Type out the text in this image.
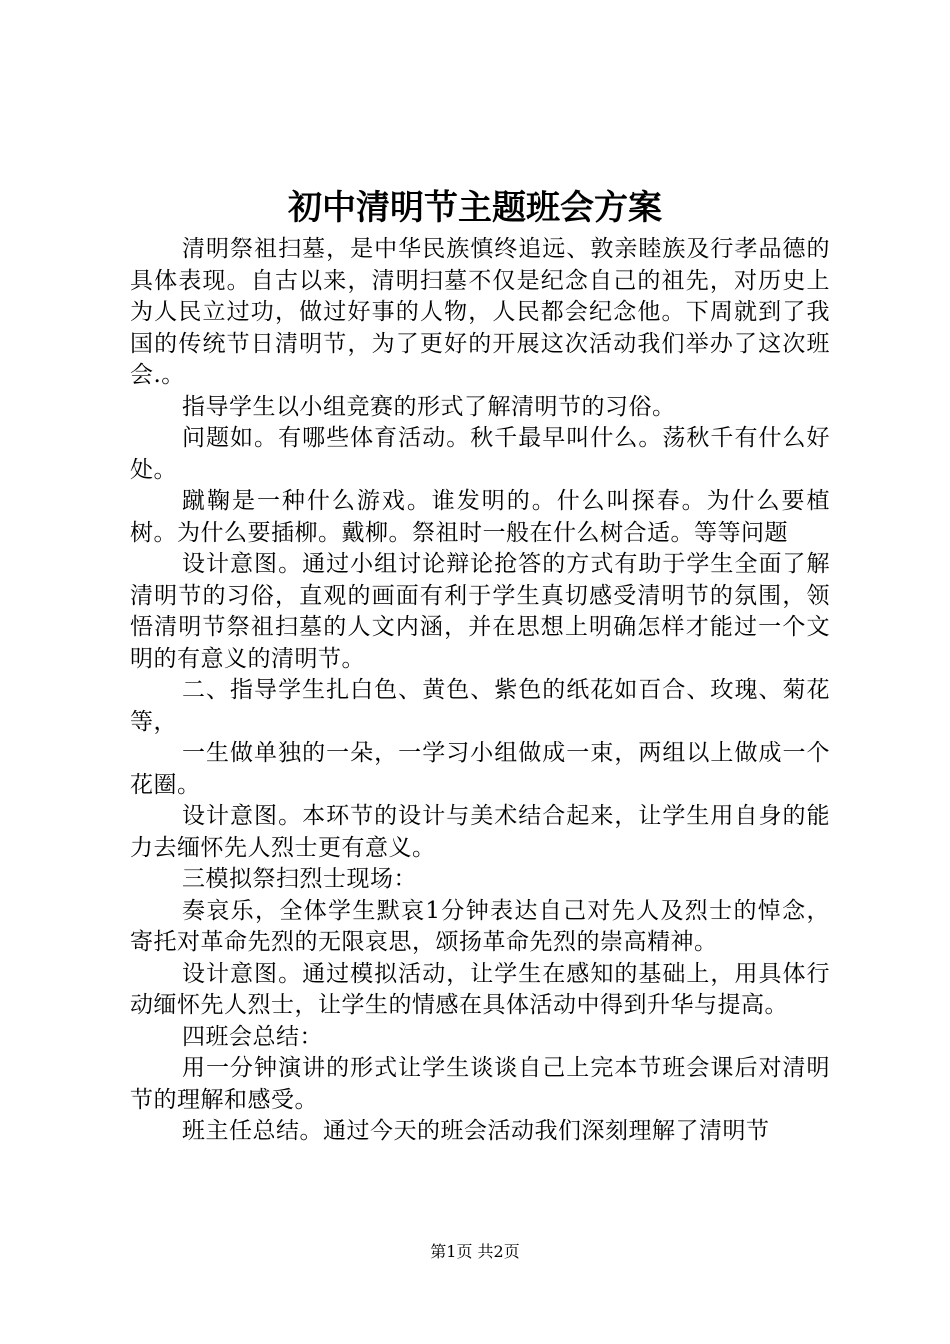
初中清明节主题班会方案

清明祭祖扫墓，是中华民族慎终追远、敦亲睦族及行孝品德的具体表现。自古以来，清明扫墓不仅是纪念自己的祖先，对历史上为人民立过功，做过好事的人物，人民都会纪念他。下周就到了我国的传统节日清明节，为了更好的开展这次活动我们举办了这次班会.。

指导学生以小组竞赛的形式了解清明节的习俗。

问题如。有哪些体育活动。秋千最早叫什么。荡秋千有什么好处。

蹴鞠是一种什么游戏。谁发明的。什么叫探春。为什么要植树。为什么要插柳。戴柳。祭祖时一般在什么树合适。等等问题

设计意图。通过小组讨论辩论抢答的方式有助于学生全面了解清明节的习俗，直观的画面有利于学生真切感受清明节的氛围，领悟清明节祭祖扫墓的人文内涵，并在思想上明确怎样才能过一个文明的有意义的清明节。

二、指导学生扎白色、黄色、紫色的纸花如百合、玫瑰、菊花等，

一生做单独的一朵，一学习小组做成一束，两组以上做成一个花圈。

设计意图。本环节的设计与美术结合起来，让学生用自身的能力去缅怀先人烈士更有意义。

三模拟祭扫烈士现场：

奏哀乐，全体学生默哀1分钟表达自己对先人及烈士的悼念，寄托对革命先烈的无限哀思，颂扬革命先烈的崇高精神。

设计意图。通过模拟活动，让学生在感知的基础上，用具体行动缅怀先人烈士，让学生的情感在具体活动中得到升华与提高。

四班会总结：

用一分钟演讲的形式让学生谈谈自己上完本节班会课后对清明节的理解和感受。

班主任总结。通过今天的班会活动我们深刻理解了清明节

第1页 共2页
